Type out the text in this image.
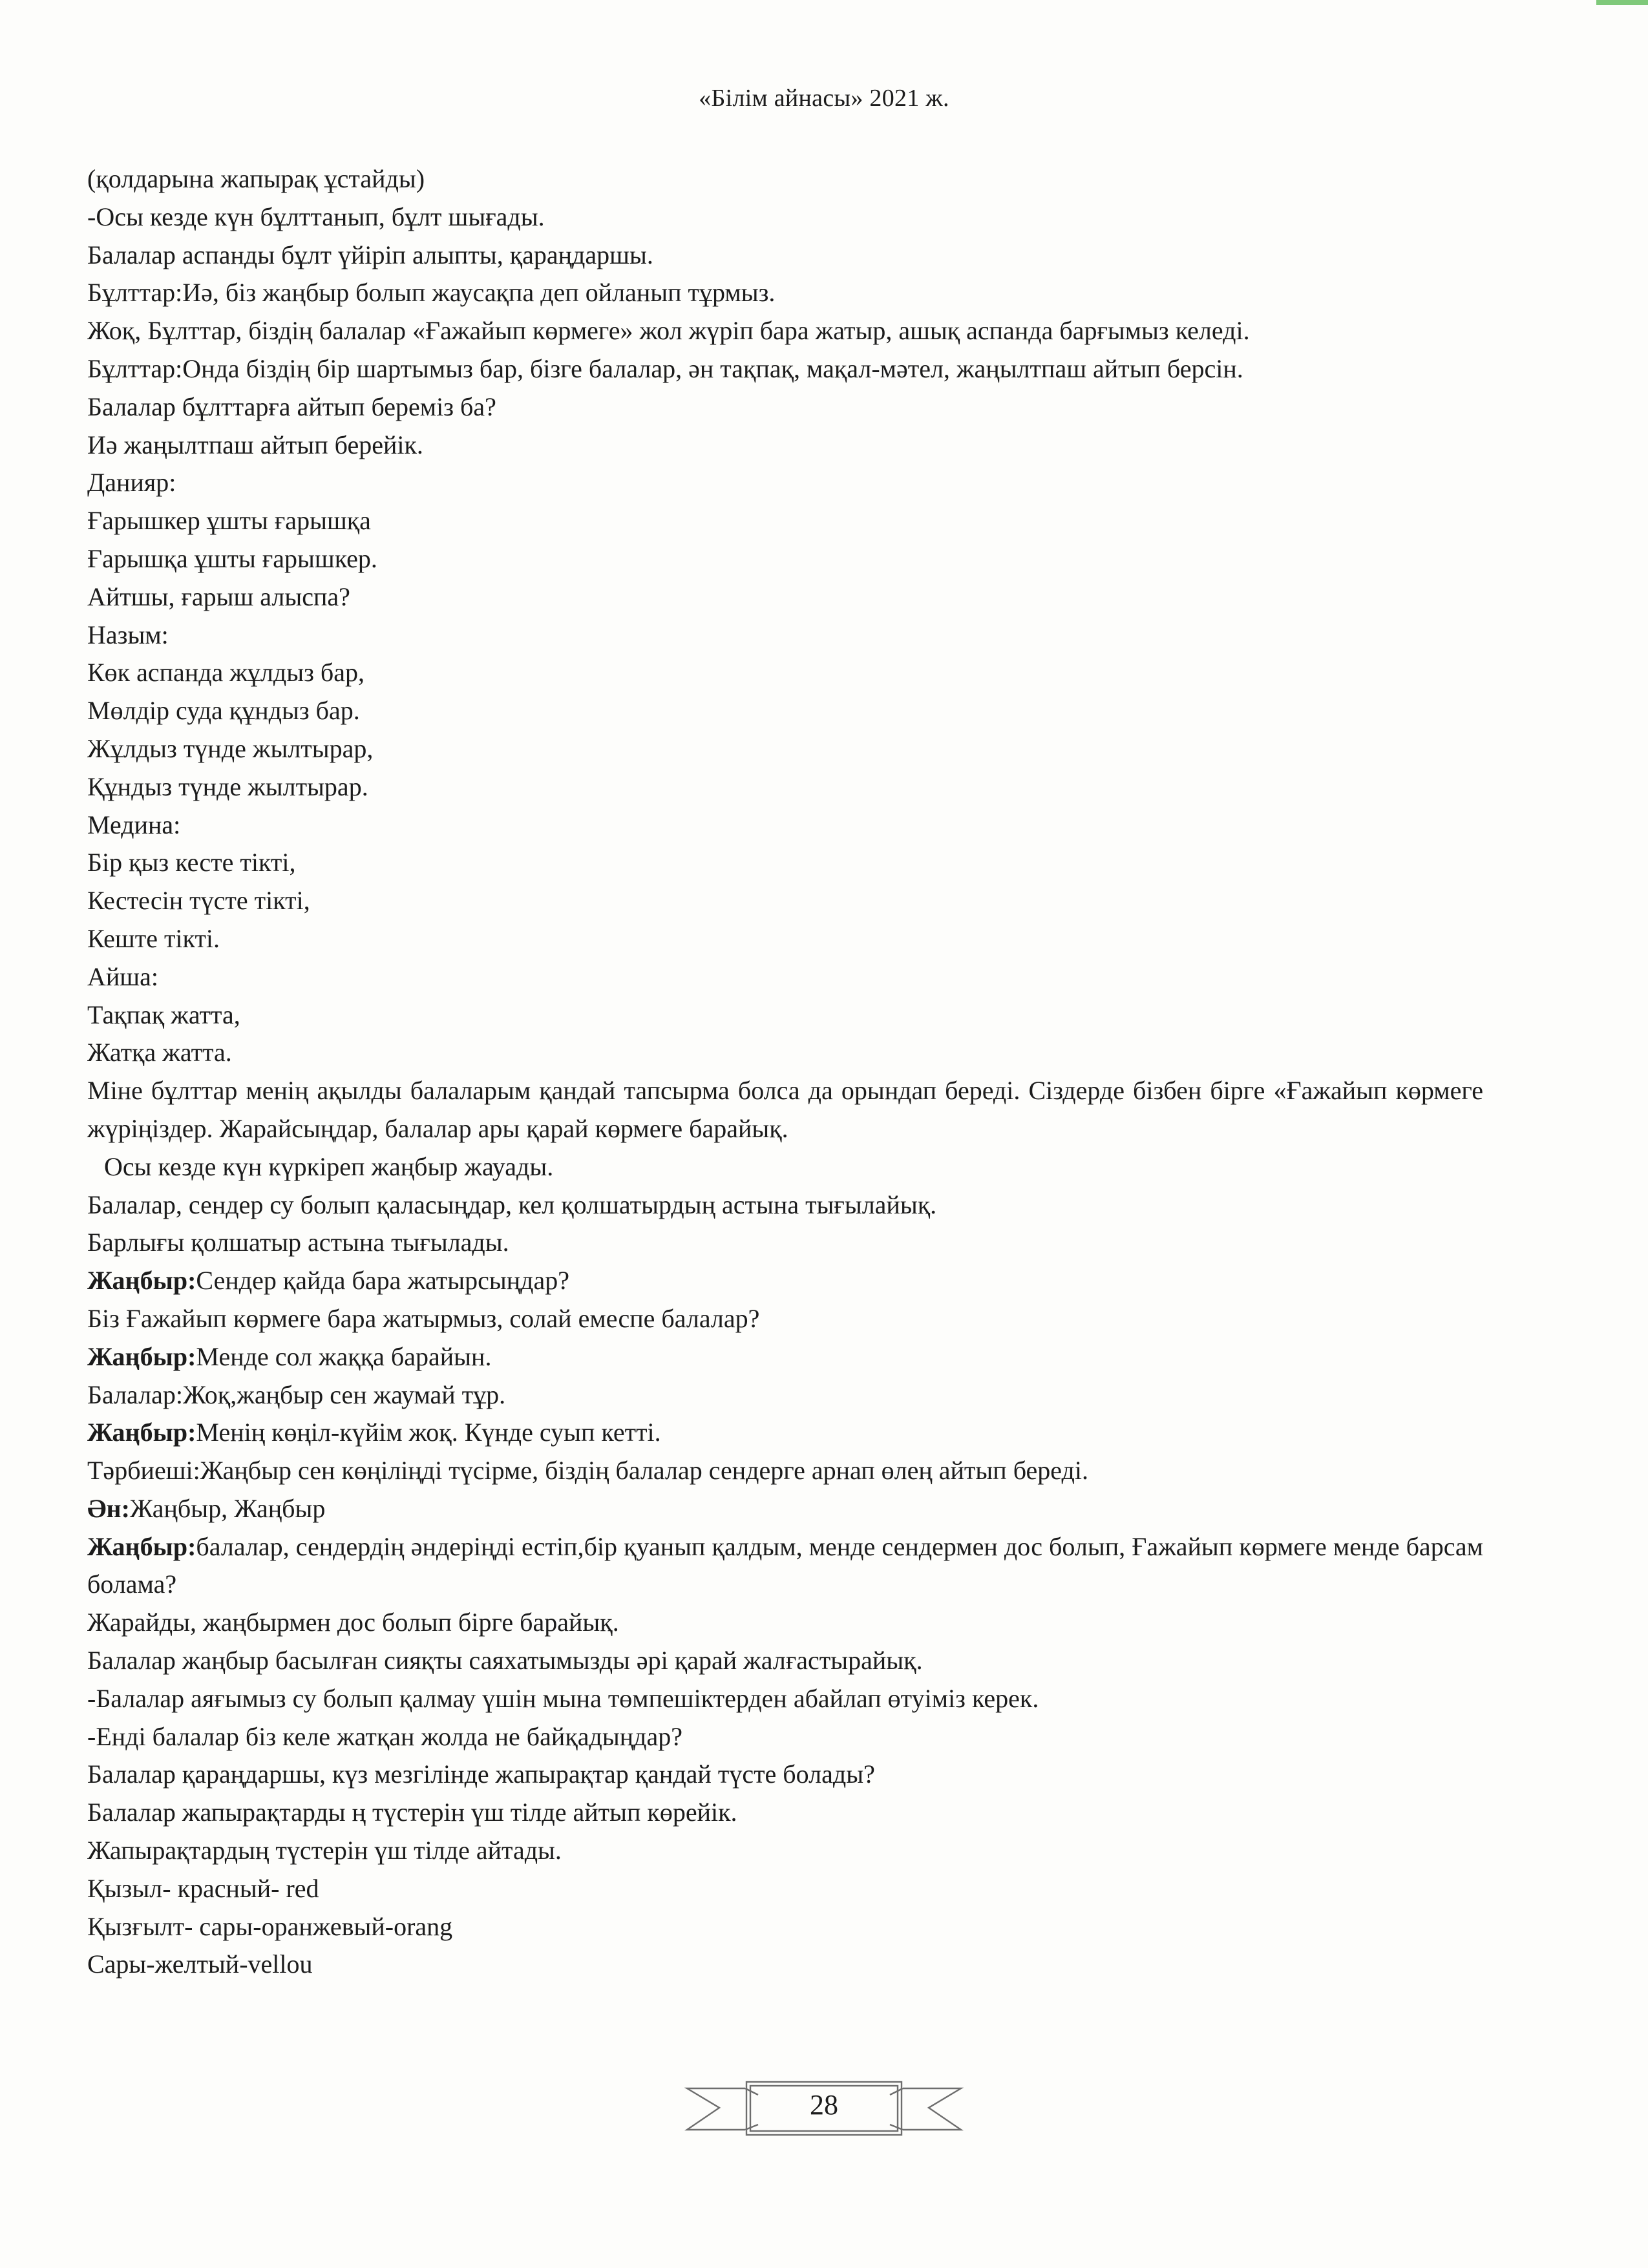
«Білім айнасы» 2021 ж.

(қолдарына жапырақ ұстайды)

-Осы кезде күн бұлттанып, бұлт шығады.

Балалар аспанды бұлт үйіріп алыпты, қараңдаршы.

Бұлттар:Иә, біз жаңбыр болып жаусақпа деп ойланып тұрмыз.

Жоқ, Бұлттар, біздің балалар «Ғажайып көрмеге» жол жүріп бара жатыр, ашық аспанда барғымыз келеді.

Бұлттар:Онда біздің бір шартымыз бар, бізге балалар, ән тақпақ, мақал-мәтел, жаңылтпаш айтып берсін.

Балалар бұлттарға айтып береміз ба?

Иә жаңылтпаш айтып берейік.

Данияр:

Ғарышкер ұшты ғарышқа

Ғарышқа ұшты ғарышкер.

Айтшы, ғарыш алыспа?

Назым:

Көк аспанда жұлдыз бар,

Мөлдір суда құндыз бар.

Жұлдыз түнде жылтырар,

Құндыз түнде жылтырар.

Медина:

Бір қыз кесте тікті,

Кестесін түсте тікті,

Кеште тікті.

Айша:

Тақпақ жатта,

Жатқа жатта.

Міне бұлттар менің ақылды балаларым қандай тапсырма болса да орындап береді. Сіздерде бізбен бірге «Ғажайып көрмеге жүріңіздер. Жарайсыңдар, балалар ары қарай көрмеге барайық.

Осы кезде күн күркіреп жаңбыр жауады.

Балалар, сендер су болып қаласыңдар, кел қолшатырдың астына тығылайық.

Барлығы қолшатыр астына тығылады.

Жаңбыр:Сендер қайда бара жатырсыңдар?

Біз Ғажайып көрмеге бара жатырмыз, солай емеспе балалар?

Жаңбыр:Менде сол жаққа барайын.

Балалар:Жоқ,жаңбыр сен жаумай тұр.

Жаңбыр:Менің көңіл-күйім жоқ. Күнде суып кетті.

Тәрбиеші:Жаңбыр сен көңіліңді түсірме, біздің балалар сендерге арнап өлең айтып береді.

Ән:Жаңбыр, Жаңбыр

Жаңбыр:балалар, сендердің әндеріңді естіп,бір қуанып қалдым, менде сендермен дос болып, Ғажайып көрмеге менде барсам болама?

Жарайды, жаңбырмен дос болып бірге барайық.

Балалар жаңбыр басылған сияқты саяхатымызды әрі қарай жалғастырайық.

-Балалар аяғымыз су болып қалмау үшін мына төмпешіктерден абайлап өтуіміз керек.

-Енді балалар біз келе жатқан жолда не байқадыңдар?

Балалар қараңдаршы, күз мезгілінде жапырақтар қандай түсте болады?

Балалар жапырақтарды ң түстерін үш тілде айтып көрейік.

Жапырақтардың түстерін үш тілде айтады.

Қызыл- красный- red

Қызғылт- сары-оранжевый-orang

Сары-желтый-vellou

28
